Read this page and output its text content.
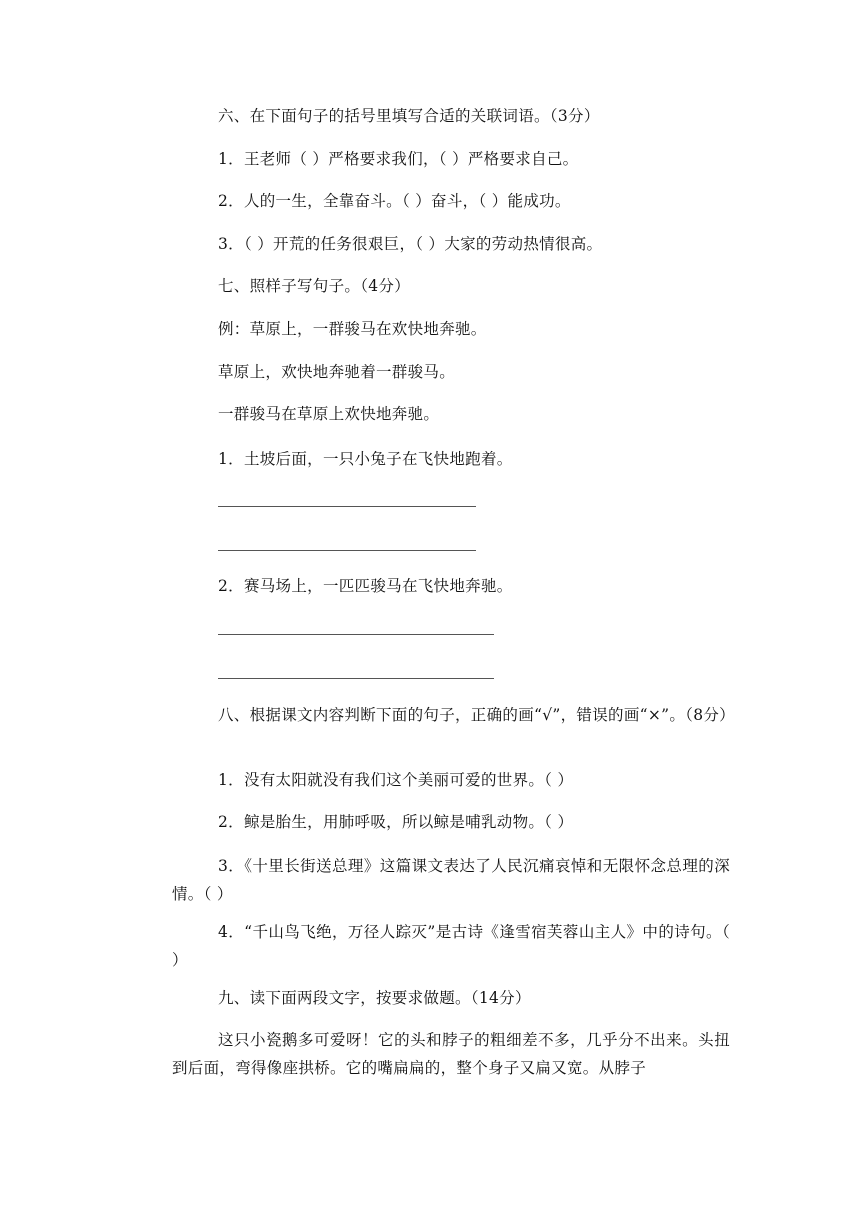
六、在下面句子的括号里填写合适的关联词语。（3分）
1．王老师（ ）严格要求我们，（ ）严格要求自己。
2．人的一生，全靠奋斗。（ ）奋斗，（ ）能成功。
3．（ ）开荒的任务很艰巨，（ ）大家的劳动热情很高。
七、照样子写句子。（4分）
例：草原上，一群骏马在欢快地奔驰。
草原上，欢快地奔驰着一群骏马。
一群骏马在草原上欢快地奔驰。
1．土坡后面，一只小兔子在飞快地跑着。
2．赛马场上，一匹匹骏马在飞快地奔驰。
八、根据课文内容判断下面的句子，正确的画“√”，错误的画“×”。（8分）
1．没有太阳就没有我们这个美丽可爱的世界。（ ）
2．鲸是胎生，用肺呼吸，所以鲸是哺乳动物。（ ）
3．《十里长街送总理》这篇课文表达了人民沉痛哀悼和无限怀念总理的深情。（ ）
4．“千山鸟飞绝，万径人踪灭”是古诗《逢雪宿芙蓉山主人》中的诗句。（ ）
九、读下面两段文字，按要求做题。（14分）
这只小瓷鹅多可爱呀！它的头和脖子的粗细差不多，几乎分不出来。头扭到后面，弯得像座拱桥。它的嘴扁扁的，整个身子又扁又宽。从脖子
